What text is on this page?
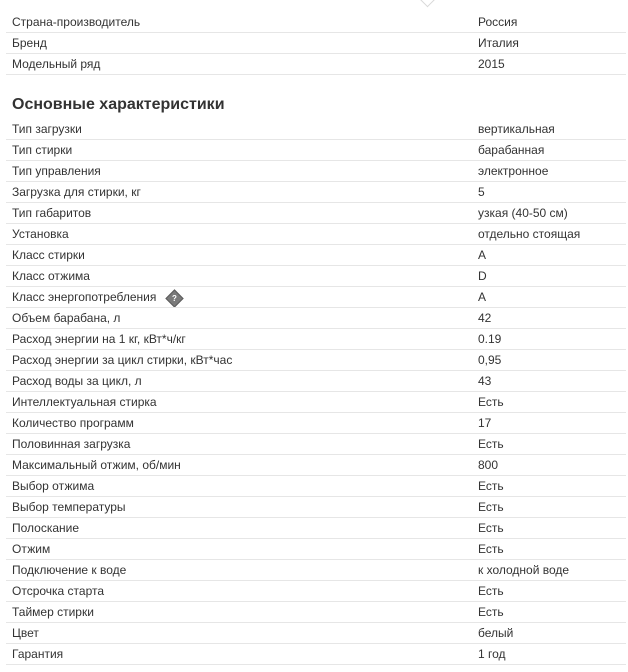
Страна-производитель	Россия
Бренд	Италия
Модельный ряд	2015
Основные характеристики
Тип загрузки	вертикальная
Тип стирки	барабанная
Тип управления	электронное
Загрузка для стирки, кг	5
Тип габаритов	узкая (40-50 см)
Установка	отдельно стоящая
Класс стирки	A
Класс отжима	D
Класс энергопотребления ?	A
Объем барабана, л	42
Расход энергии на 1 кг, кВт*ч/кг	0.19
Расход энергии за цикл стирки, кВт*час	0,95
Расход воды за цикл, л	43
Интеллектуальная стирка	Есть
Количество программ	17
Половинная загрузка	Есть
Максимальный отжим, об/мин	800
Выбор отжима	Есть
Выбор температуры	Есть
Полоскание	Есть
Отжим	Есть
Подключение к воде	к холодной воде
Отсрочка старта	Есть
Таймер стирки	Есть
Цвет	белый
Гарантия	1 год
